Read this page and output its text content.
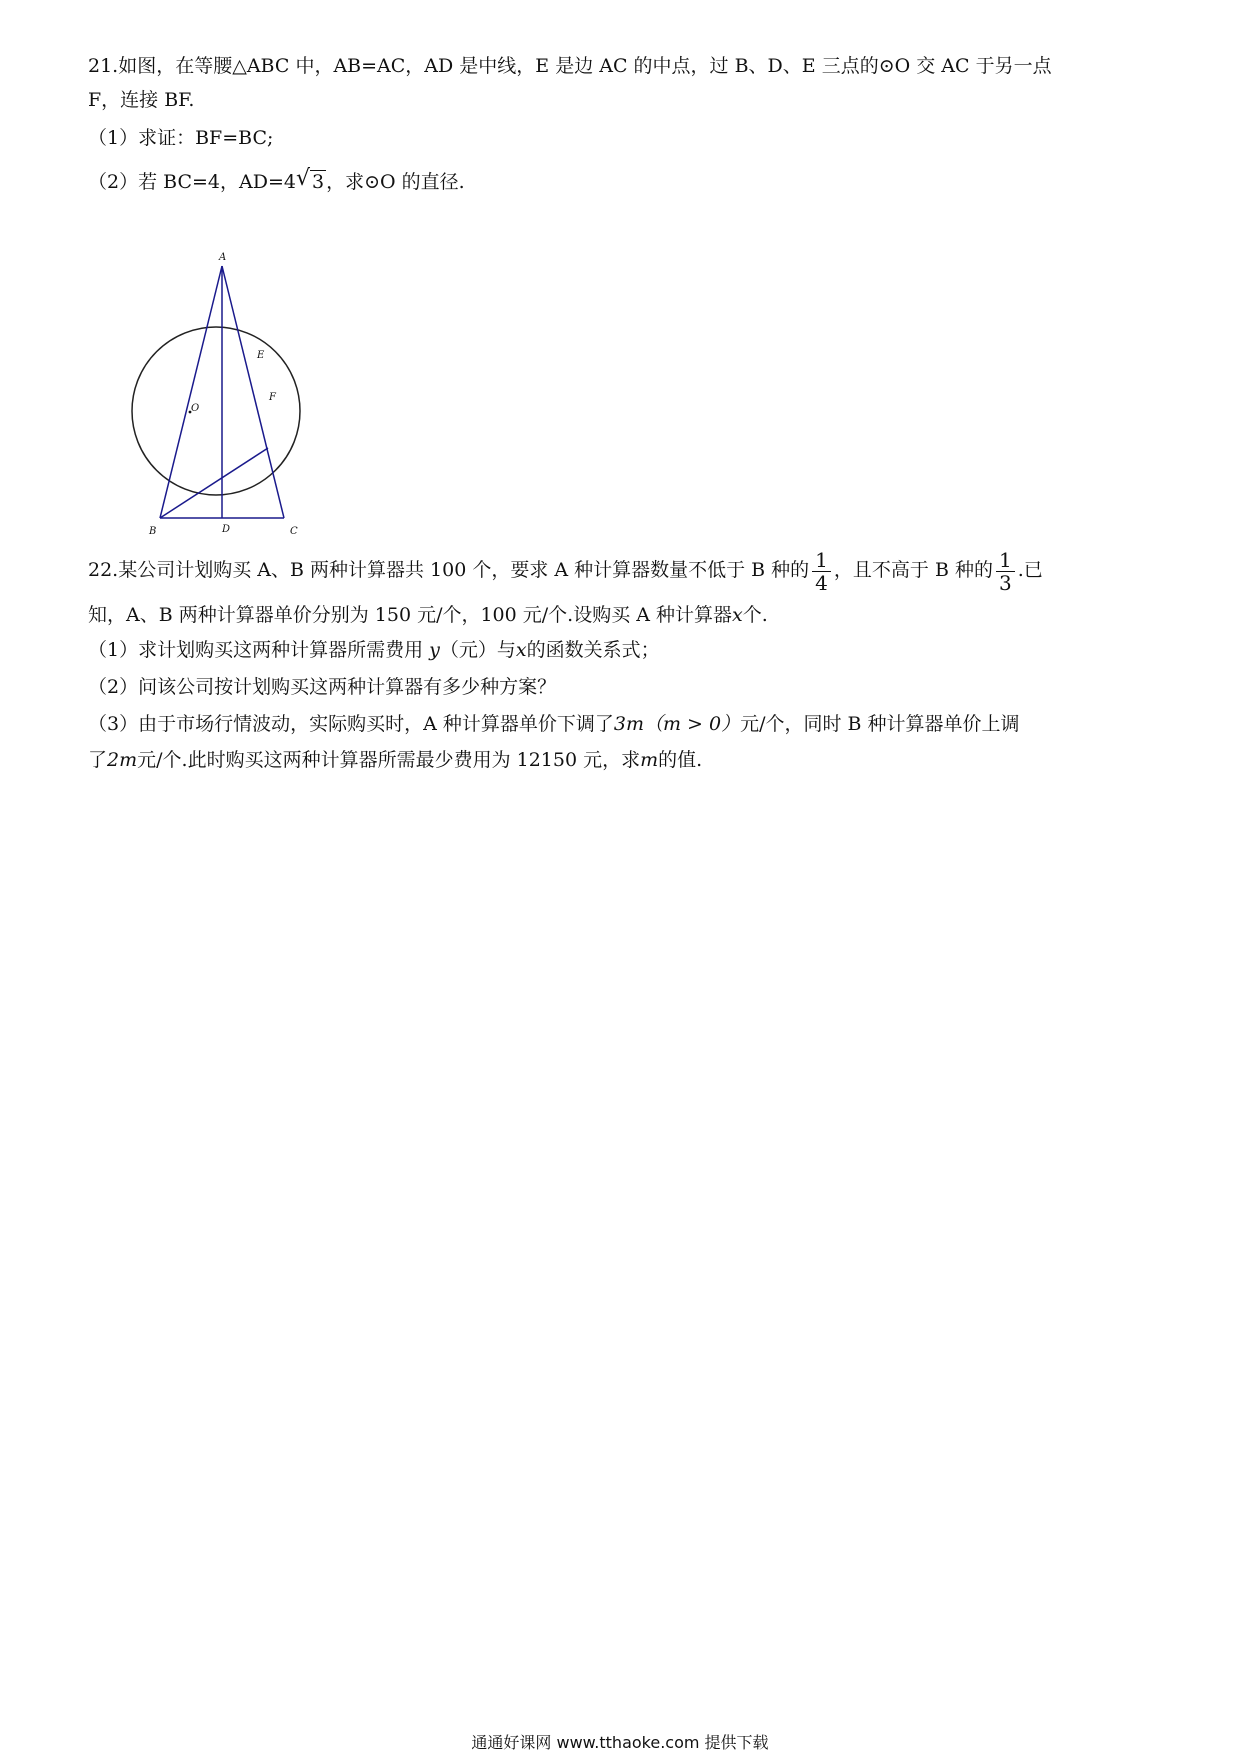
21.如图，在等腰△ABC 中，AB=AC，AD 是中线，E 是边 AC 的中点，过 B、D、E 三点的⊙O 交 AC 于另一点
F，连接 BF.
（1）求证：BF=BC;
（2）若 BC=4，AD=4 √ 3 ，求⊙O 的直径.
A
B	C
D
E
F
O
22.某公司计划购买 A、B 两种计算器共 100 个，要求 A 种计算器数量不低于 B 种的 $\frac{1}{4}$ ，且不高于 B 种的 $\frac{1}{3}$ .已
知，A、B 两种计算器单价分别为 150 元/个，100 元/个.设购买 A 种计算器x个.
（1）求计划购买这两种计算器所需费用 y（元）与x的函数关系式；
（2）问该公司按计划购买这两种计算器有多少种方案？
（3）由于市场行情波动，实际购买时，A 种计算器单价下调了3m（m > 0）元/个，同时 B 种计算器单价上调
了2m元/个.此时购买这两种计算器所需最少费用为 12150 元，求m的值.
通通好课网 www.tthaoke.com 提供下载
